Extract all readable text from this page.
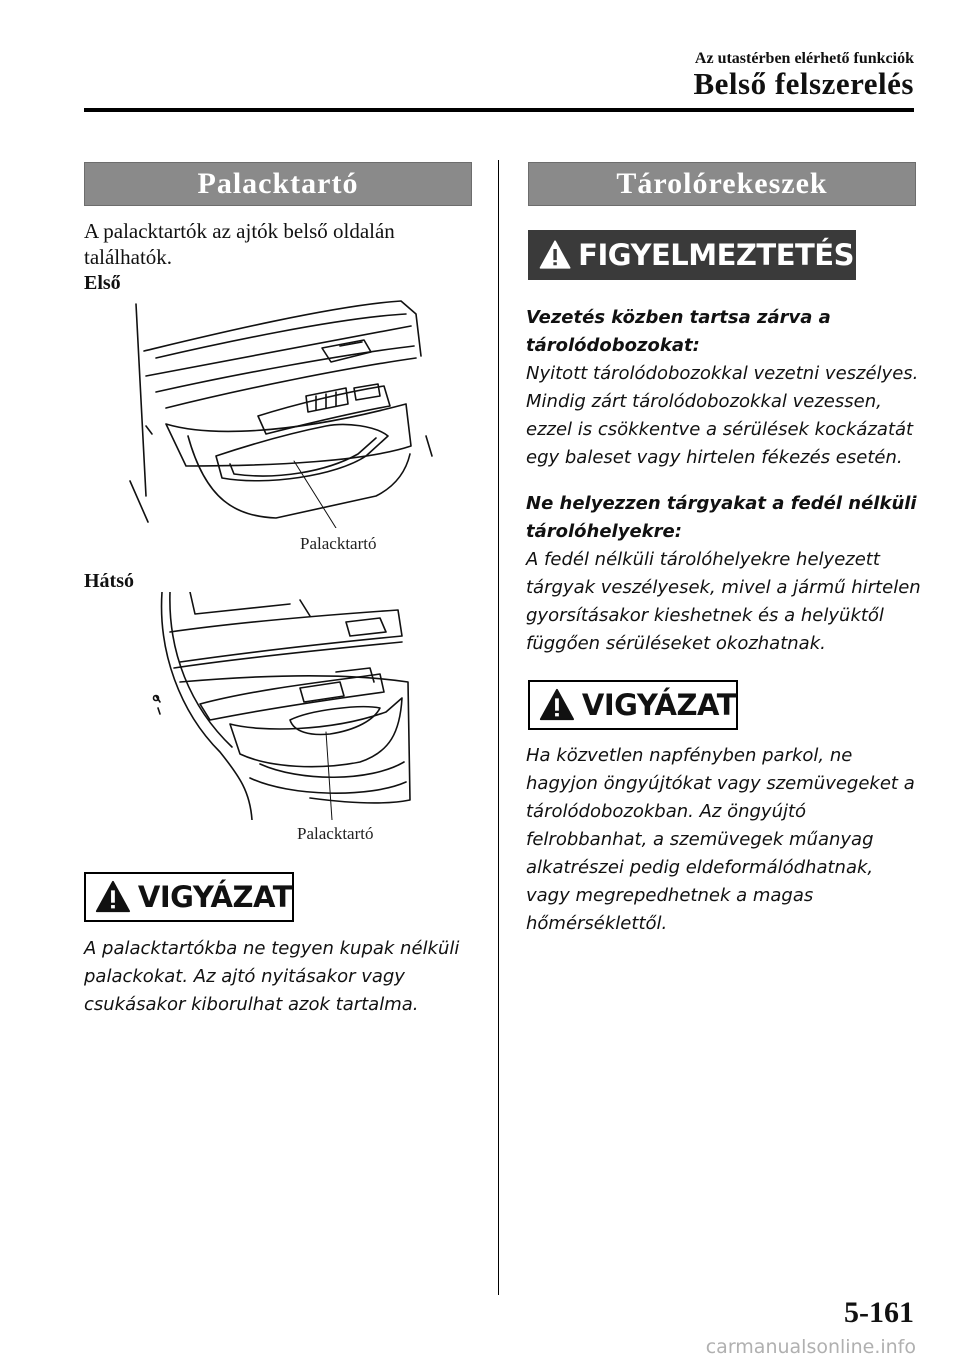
Az utastérben elérhető funkciók
Belső felszerelés
Palacktartó
A palacktartók az ajtók belső oldalán találhatók.
Első
Palacktartó
Hátsó
Palacktartó
VIGYÁZAT
A palacktartókba ne tegyen kupak nélküli palackokat. Az ajtó nyitásakor vagy csukásakor kiborulhat azok tartalma.
Tárolórekeszek
FIGYELMEZTETÉS
Vezetés közben tartsa zárva a tárolódobozokat:
Nyitott tárolódobozokkal vezetni veszélyes. Mindig zárt tárolódobozokkal vezessen, ezzel is csökkentve a sérülések kockázatát egy baleset vagy hirtelen fékezés esetén.
Ne helyezzen tárgyakat a fedél nélküli tárolóhelyekre:
A fedél nélküli tárolóhelyekre helyezett tárgyak veszélyesek, mivel a jármű hirtelen gyorsításakor kieshetnek és a helyüktől függően sérüléseket okozhatnak.
VIGYÁZAT
Ha közvetlen napfényben parkol, ne hagyjon öngyújtókat vagy szemüvegeket a tárolódobozokban. Az öngyújtó felrobbanhat, a szemüvegek műanyag alkatrészei pedig eldeformálódhatnak, vagy megrepedhetnek a magas hőmérséklettől.
5-161
carmanualsonline.info
